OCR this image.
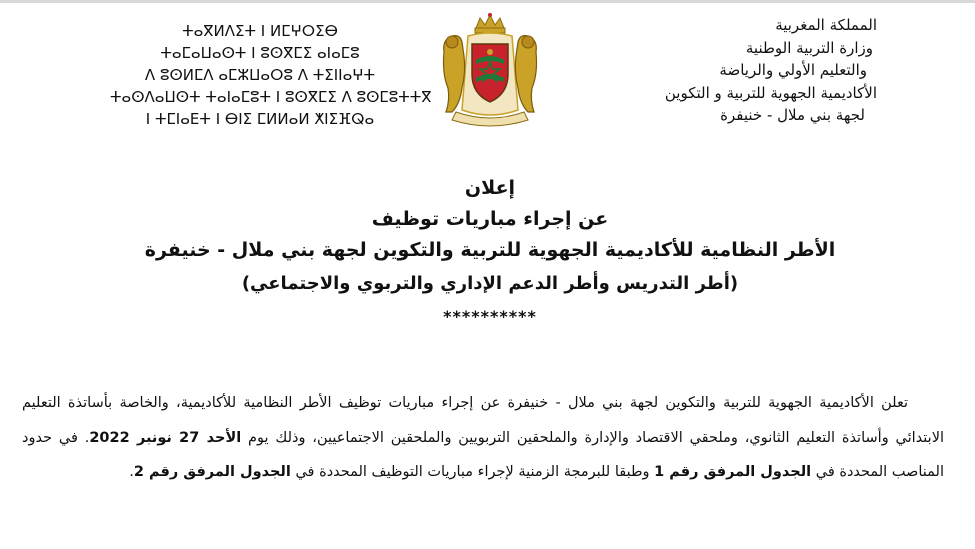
ⵜⴰⴳⵍⴷⵉⵜ ⵏ ⵍⵎⵖⵔⵉⴱ
ⵜⴰⵎⴰⵡⴰⵙⵜ ⵏ ⵓⵙⴳⵎⵉ ⴰⵏⴰⵎⵓ
ⴷ ⵓⵙⵍⵎⴷ ⴰⵎⵣⵡⴰⵔⵓ ⴷ ⵜⵉⵏⵏⴰⵖⵜ
ⵜⴰⵙⴷⴰⵡⵙⵜ ⵜⴰⵏⴰⵎⵓⵜ ⵏ ⵓⵙⴳⵎⵉ ⴷ ⵓⵙⵎⵓⵜⵜⴳ
ⵏ ⵜⵎⵏⴰⴹⵜ ⵏ ⴱⵏⵉ ⵎⵍⵍⴰⵍ ⵅⵏⵉⴼⵕⴰ
المملكة المغربية
وزارة التربية الوطنية
والتعليم الأولي والرياضة
الأكاديمية الجهوية للتربية و التكوين
لجهة بني ملال - خنيفرة
إعلان
عن إجراء مباريات توظيف
الأطر النظامية للأكاديمية الجهوية للتربية والتكوين لجهة بني ملال - خنيفرة
(أطر التدريس وأطر الدعم الإداري والتربوي والاجتماعي)
**********

تعلن الأكاديمية الجهوية للتربية والتكوين لجهة بني ملال - خنيفرة عن إجراء مباريات توظيف الأطر النظامية للأكاديمية، والخاصة بأساتذة التعليم الابتدائي وأساتذة التعليم الثانوي، وملحقي الاقتصاد والإدارة والملحقين التربويين والملحقين الاجتماعيين، وذلك يوم الأحد 27 نونبر 2022. في حدود المناصب المحددة في الجدول المرفق رقم 1 وطبقا للبرمجة الزمنية لإجراء مباريات التوظيف المحددة في الجدول المرفق رقم 2.
